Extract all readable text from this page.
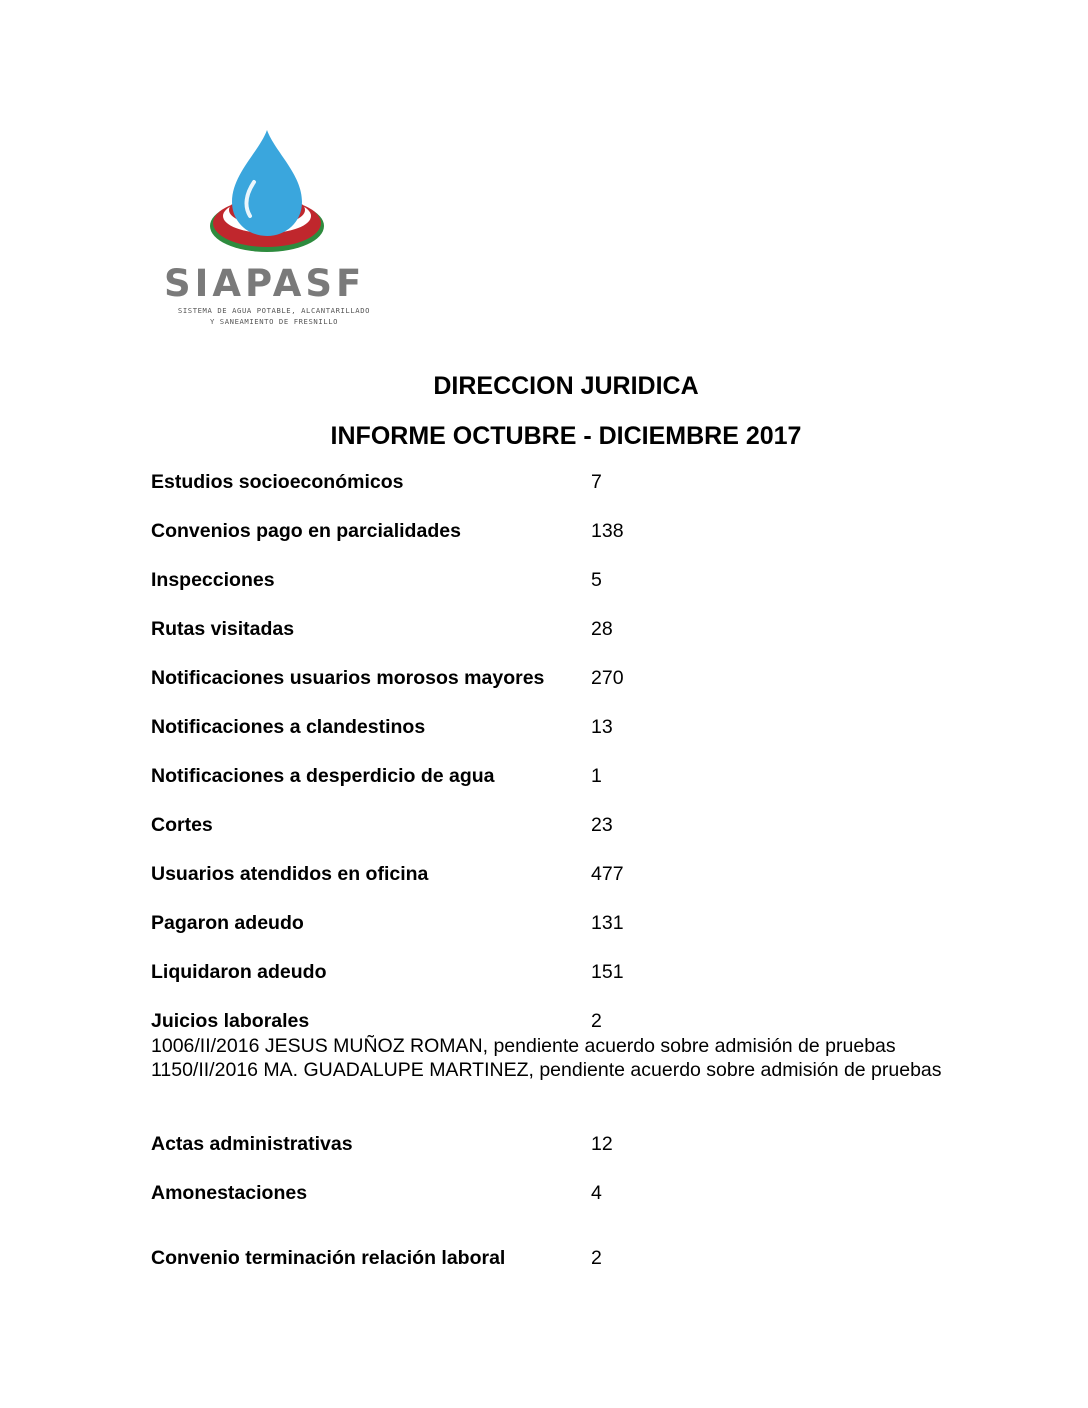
SIAPASF
SISTEMA DE AGUA POTABLE, ALCANTARILLADO
Y SANEAMIENTO DE FRESNILLO
DIRECCION JURIDICA
INFORME OCTUBRE - DICIEMBRE 2017
Estudios socioeconómicos	7
Convenios pago en parcialidades	138
Inspecciones	5
Rutas visitadas	28
Notificaciones usuarios morosos mayores 270
Notificaciones a clandestinos	13
Notificaciones a desperdicio de agua	1
Cortes	23
Usuarios atendidos en oficina	477
Pagaron adeudo	131
Liquidaron adeudo	151
Juicios laborales	2
1006/II/2016 JESUS MUÑOZ ROMAN, pendiente acuerdo sobre admisión de pruebas
1150/II/2016 MA. GUADALUPE MARTINEZ, pendiente acuerdo sobre admisión de pruebas
Actas administrativas	12
Amonestaciones	4
Convenio terminación relación laboral	2
